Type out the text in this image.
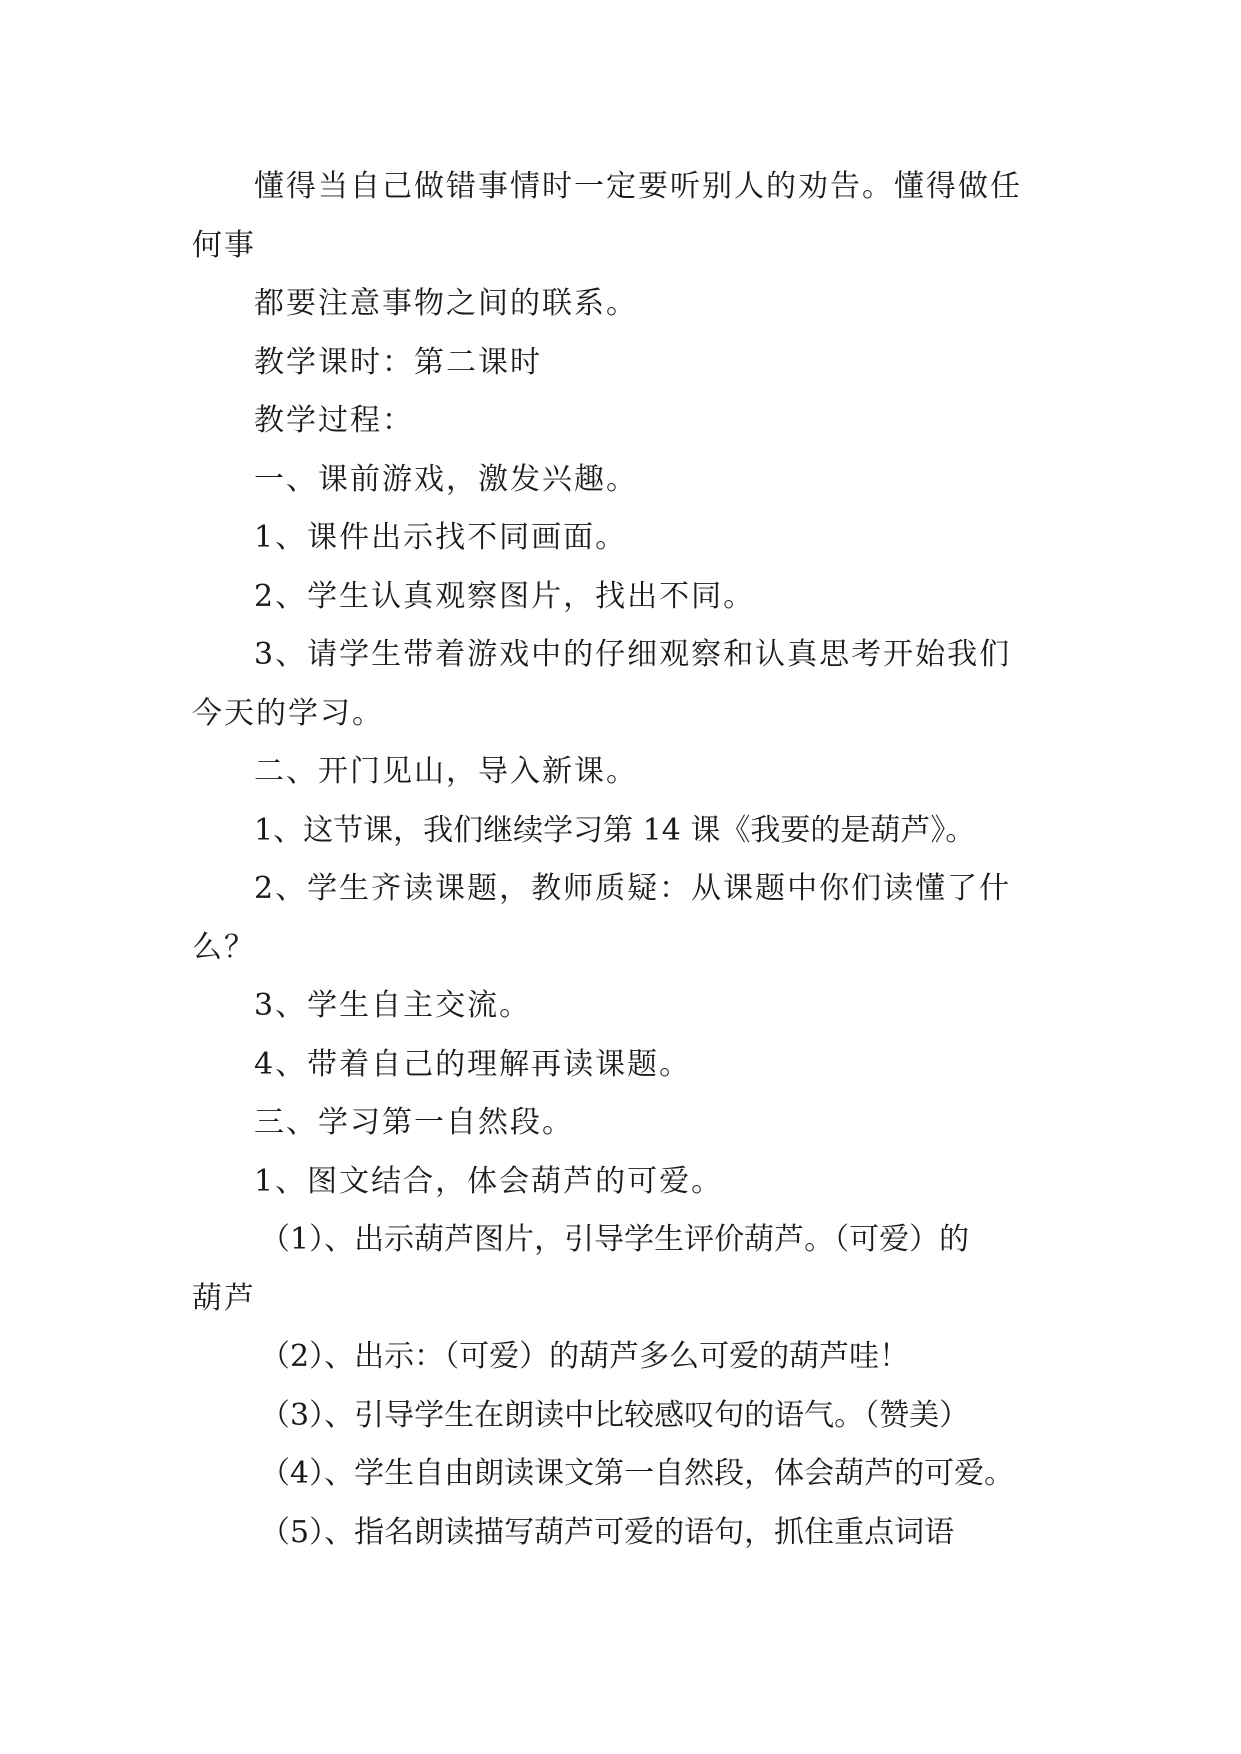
懂得当自己做错事情时一定要听别人的劝告。懂得做任
何事
都要注意事物之间的联系。
教学课时：第二课时
教学过程：
一、课前游戏，激发兴趣。
1、课件出示找不同画面。
2、学生认真观察图片，找出不同。
3、请学生带着游戏中的仔细观察和认真思考开始我们
今天的学习。
二、开门见山，导入新课。
1、这节课，我们继续学习第 14 课《我要的是葫芦》。
2、学生齐读课题，教师质疑：从课题中你们读懂了什
么？
3、学生自主交流。
4、带着自己的理解再读课题。
三、学习第一自然段。
1、图文结合，体会葫芦的可爱。
（1）、出示葫芦图片，引导学生评价葫芦。（可爱）的
葫芦
（2）、出示：（可爱）的葫芦多么可爱的葫芦哇！
（3）、引导学生在朗读中比较感叹句的语气。（赞美）
（4）、学生自由朗读课文第一自然段，体会葫芦的可爱。
（5）、指名朗读描写葫芦可爱的语句，抓住重点词语
